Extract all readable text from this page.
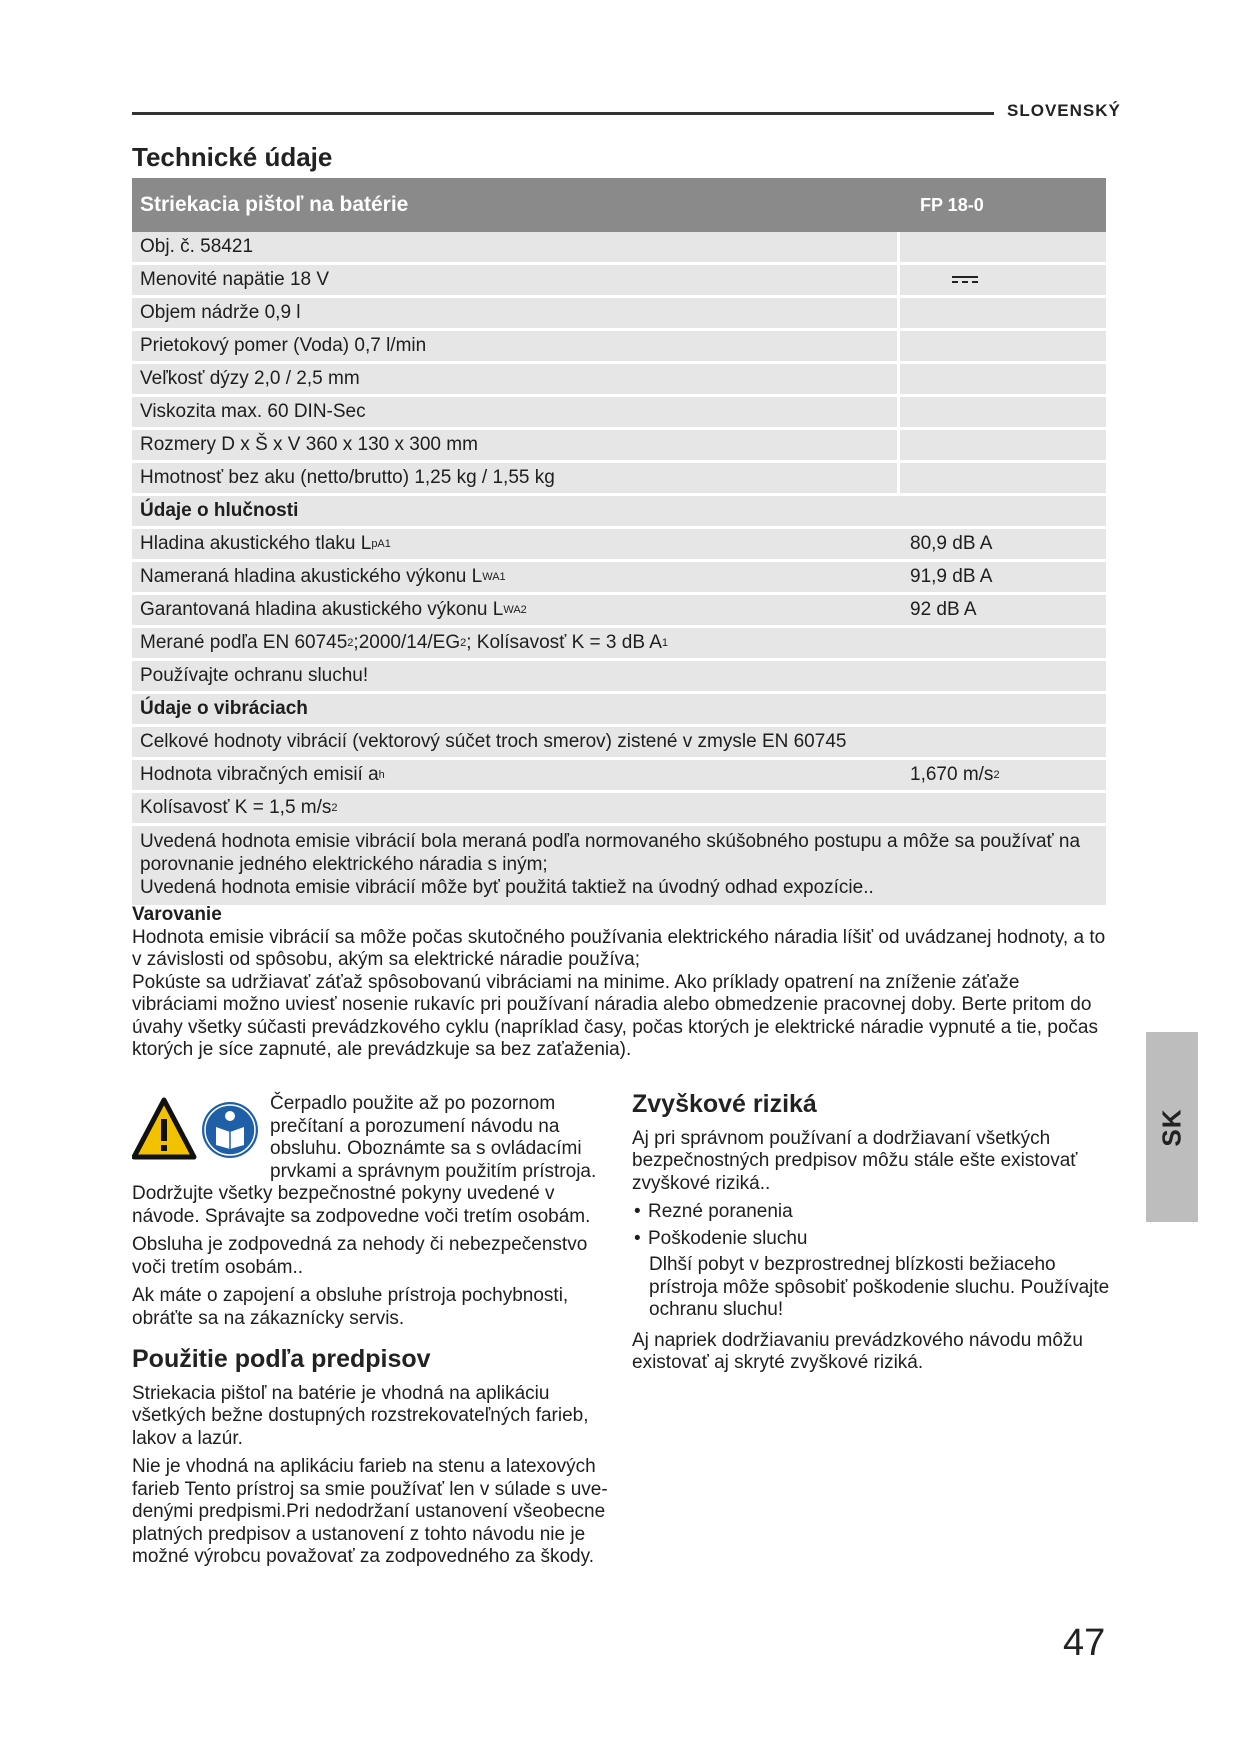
SLOVENSKÝ
Technické údaje
Striekacia pištoľ na batérie	FP 18-0
Obj. č. 58421
Menovité napätie 18 V
Objem nádrže 0,9 l
Prietokový pomer (Voda) 0,7 l/min
Veľkosť dýzy 2,0 / 2,5 mm
Viskozita max. 60 DIN-Sec
Rozmery D x Š x V 360 x 130 x 300 mm
Hmotnosť bez aku (netto/brutto) 1,25 kg / 1,55 kg
Údaje o hlučnosti
Hladina akustického tlaku L pA 1	80,9 dB A
Nameraná hladina akustického výkonu L WA 1	91,9 dB A
Garantovaná hladina akustického výkonu L WA 2	92 dB A
Merané podľa EN 60745 2 ;2000/14/EG 2 ; Kolísavosť K = 3 dB A 1
Používajte ochranu sluchu!
Údaje o vibráciach
Celkové hodnoty vibrácií (vektorový súčet troch smerov) zistené v zmysle EN 60745
Hodnota vibračných emisií a h	1,670 m/s 2
Kolísavosť K = 1,5 m/s 2
Uvedená hodnota emisie vibrácií bola meraná podľa normovaného skúšobného postupu a môže sa používať na porovnanie jedného elektrického náradia s iným;
Uvedená hodnota emisie vibrácií môže byť použitá taktiež na úvodný odhad expozície..
Varovanie

Hodnota emisie vibrácií sa môže počas skutočného používania elektrického náradia líšiť od uvádzanej hodnoty, a to v závislosti od spôsobu, akým sa elektrické náradie používa;

Pokúste sa udržiavať záťaž spôsobovanú vibráciami na minime. Ako príklady opatrení na zníženie záťaže vibráciami možno uviesť nosenie rukavíc pri používaní náradia alebo obmedzenie pracovnej doby. Berte pritom do úvahy všetky súčasti prevádzkového cyklu (napríklad časy, počas ktorých je elektrické náradie vypnuté a tie, počas ktorých je síce zapnuté, ale prevádzkuje sa bez zaťaženia).

Čerpadlo použite až po pozornom prečítaní a porozumení návodu na obsluhu. Oboznámte sa s ovládacími prvkami a správnym použitím prístroja. Dodržujte všetky bezpečnostné pokyny uvedené v návode. Správajte sa zodpovedne voči tretím osobám.

Obsluha je zodpovedná za nehody či nebezpečenstvo voči tretím osobám..

Ak máte o zapojení a obsluhe prístroja pochybnosti, obráťte sa na zákaznícky servis.

Použitie podľa predpisov

Striekacia pištoľ na batérie je vhodná na aplikáciu všetkých bežne dostupných rozstrekovateľných farieb, lakov a lazúr.

Nie je vhodná na aplikáciu farieb na stenu a latexových farieb Tento prístroj sa smie používať len v súlade s uve-denými predpismi.Pri nedodržaní ustanovení všeobecne platných predpisov a ustanovení z tohto návodu nie je možné výrobcu považovať za zodpovedného za škody.

Zvyškové riziká

Aj pri správnom používaní a dodržiavaní všetkých bezpečnostných predpisov môžu stále ešte existovať zvyškové riziká..

• Rezné poranenia
• Poškodenie sluchu
Dlhší pobyt v bezprostrednej blízkosti bežiaceho prístroja môže spôsobiť poškodenie sluchu. Používajte ochranu sluchu!

Aj napriek dodržiavaniu prevádzkového návodu môžu existovať aj skryté zvyškové riziká.

SK
47
